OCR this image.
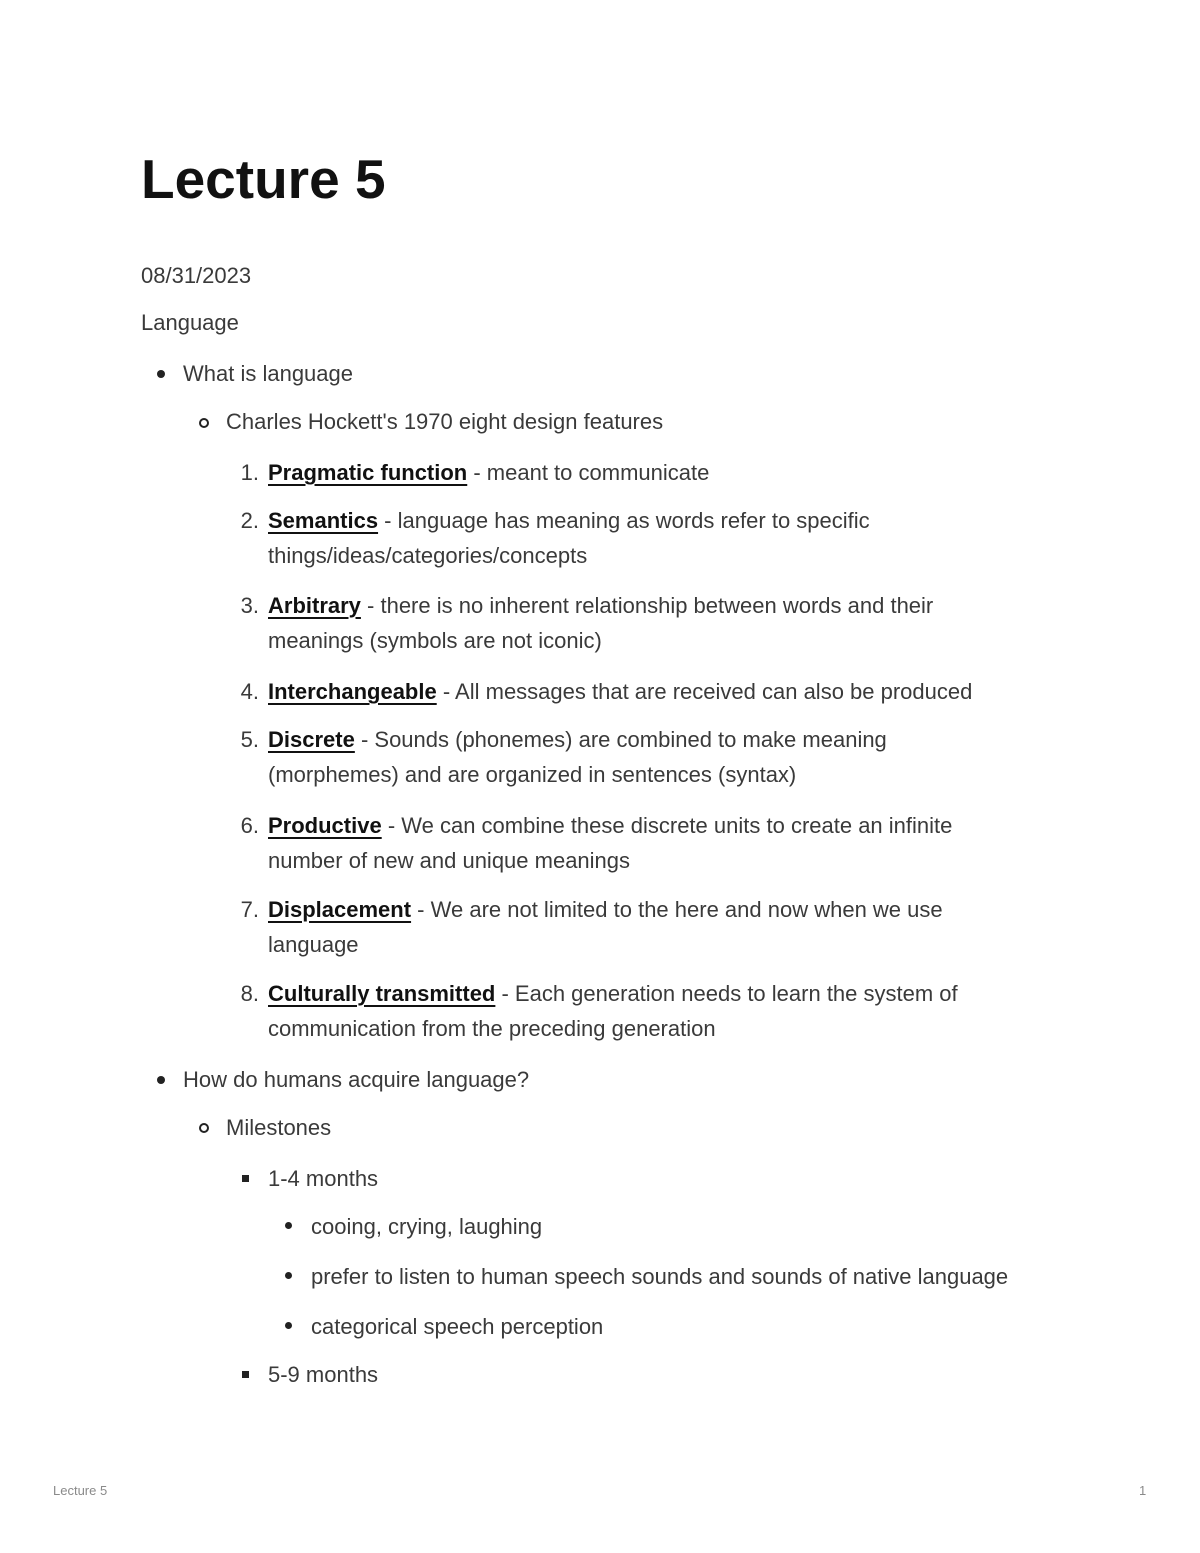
Lecture 5
08/31/2023
Language
What is language
Charles Hockett's 1970 eight design features
1. Pragmatic function - meant to communicate
2. Semantics - language has meaning as words refer to specific
things/ideas/categories/concepts
3. Arbitrary - there is no inherent relationship between words and their
meanings (symbols are not iconic)
4. Interchangeable - All messages that are received can also be produced
5. Discrete - Sounds (phonemes) are combined to make meaning
(morphemes) and are organized in sentences (syntax)
6. Productive - We can combine these discrete units to create an infinite
number of new and unique meanings
7. Displacement - We are not limited to the here and now when we use
language
8. Culturally transmitted - Each generation needs to learn the system of
communication from the preceding generation
How do humans acquire language?
Milestones
1-4 months
cooing, crying, laughing
prefer to listen to human speech sounds and sounds of native language
categorical speech perception
5-9 months
Lecture 5	1
